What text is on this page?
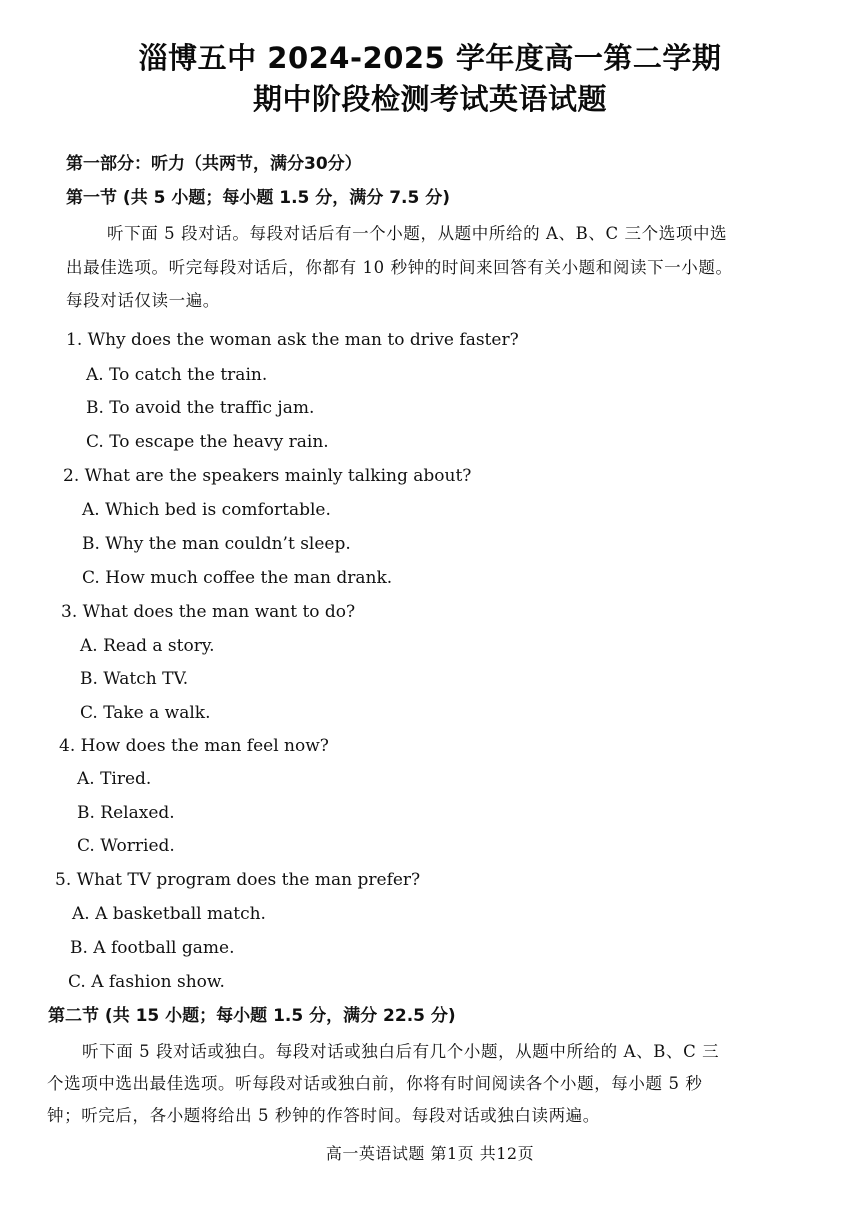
淄博五中 2024-2025 学年度高一第二学期
期中阶段检测考试英语试题
第一部分：听力（共两节，满分30分）
第一节 (共 5 小题；每小题 1.5 分，满分 7.5 分)
听下面 5 段对话。每段对话后有一个小题，从题中所给的 A、B、C 三个选项中选
出最佳选项。听完每段对话后，你都有 10 秒钟的时间来回答有关小题和阅读下一小题。
每段对话仅读一遍。
1. Why does the woman ask the man to drive faster?
A. To catch the train.
B. To avoid the traffic jam.
C. To escape the heavy rain.
2. What are the speakers mainly talking about?
A. Which bed is comfortable.
B. Why the man couldn’t sleep.
C. How much coffee the man drank.
3. What does the man want to do?
A. Read a story.
B. Watch TV.
C. Take a walk.
4. How does the man feel now?
A. Tired.
B. Relaxed.
C. Worried.
5. What TV program does the man prefer?
A. A basketball match.
B. A football game.
C. A fashion show.
第二节 (共 15 小题；每小题 1.5 分，满分 22.5 分)
听下面 5 段对话或独白。每段对话或独白后有几个小题，从题中所给的 A、B、C 三
个选项中选出最佳选项。听每段对话或独白前，你将有时间阅读各个小题，每小题 5 秒
钟；听完后，各小题将给出 5 秒钟的作答时间。每段对话或独白读两遍。
高一英语试题 第1页 共12页
